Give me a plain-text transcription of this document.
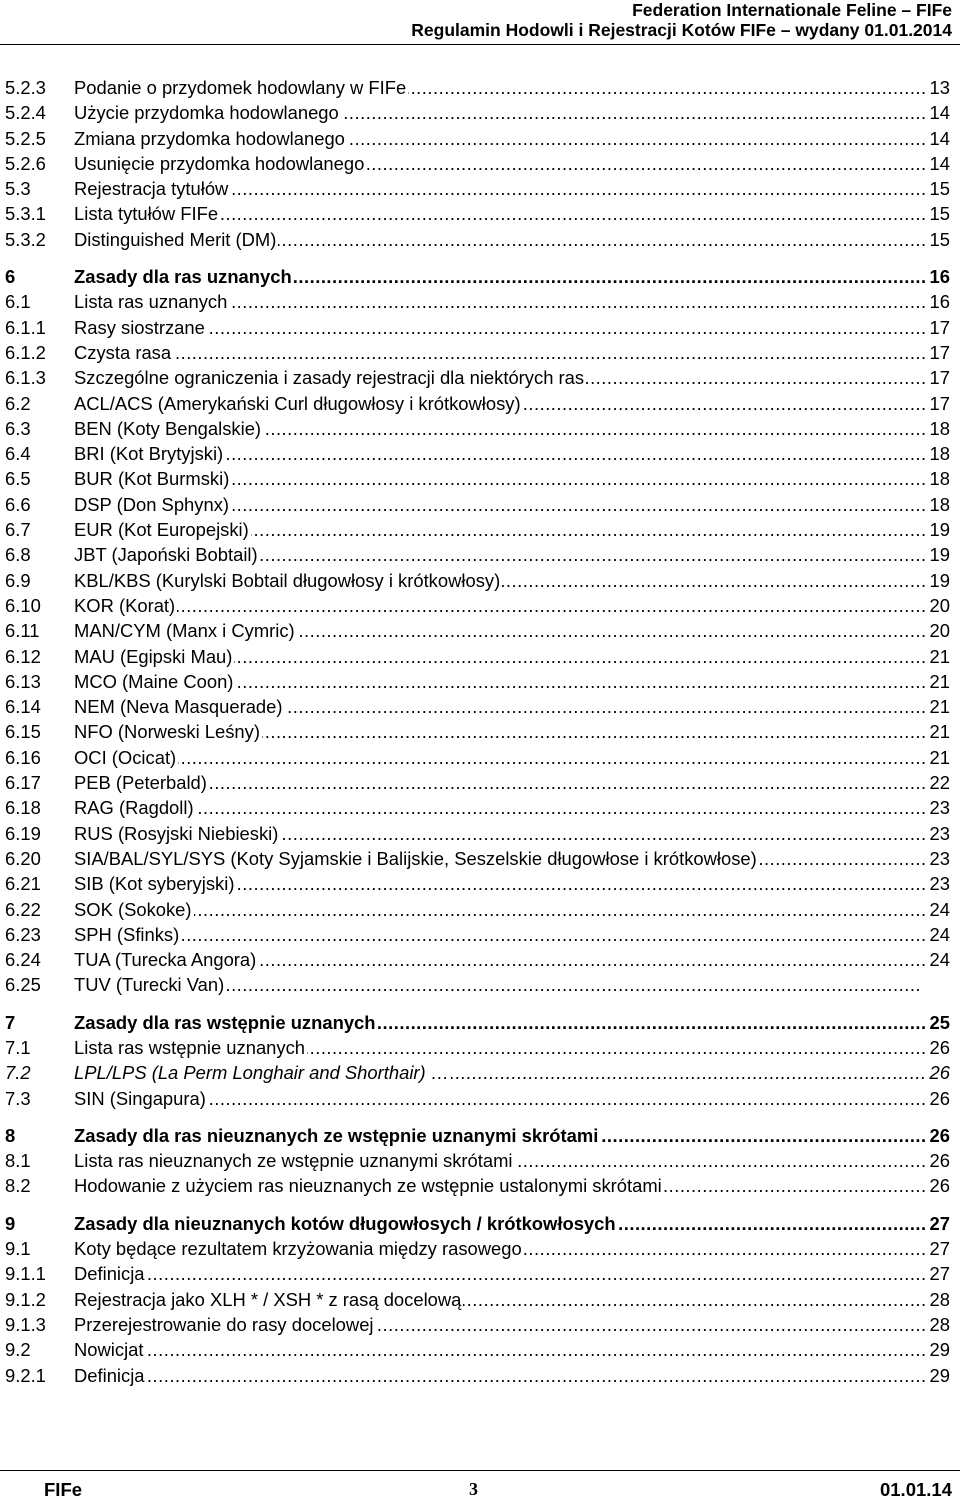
Federation Internationale Feline – FIFe
Regulamin Hodowli i Rejestracji Kotów FIFe – wydany 01.01.2014
5.2.3 ..... Podanie o przydomek hodowlany w FIFe	13
5.2.4 ..... Użycie przydomka hodowlanego	14
5.2.5 ..... Zmiana przydomka hodowlanego	14
5.2.6 ..... Usunięcie przydomka hodowlanego	14
5.3 ..... Rejestracja tytułów	15
5.3.1 ..... Lista tytułów FIFe	15
5.3.2 ..... Distinguished Merit (DM)	15
6 .....	Zasady dla ras uznanych	16
6.1 ..... Lista ras uznanych	16
6.1.1 ..... Rasy siostrzane	17
6.1.2 ..... Czysta rasa	17
6.1.3 ..... Szczególne ograniczenia i zasady rejestracji dla niektórych ras	17
6.2 ..... ACL/ACS (Amerykański Curl długowłosy i krótkowłosy)	17
6.3 ..... BEN (Koty Bengalskie)	18
6.4 ..... BRI (Kot Brytyjski)	18
6.5 ..... BUR (Kot Burmski)	18
6.6 ..... DSP (Don Sphynx)	18
6.7 ..... EUR (Kot Europejski)	19
6.8 ..... JBT (Japoński Bobtail)	19
6.9 ..... KBL/KBS (Kurylski Bobtail długowłosy i krótkowłosy)	19
6.10 ..... KOR (Korat)	20
6.11 ..... MAN/CYM (Manx i Cymric)	20
6.12 ..... MAU (Egipski Mau)	21
6.13 ..... MCO (Maine Coon)	21
6.14 ..... NEM (Neva Masquerade)	21
6.15 ..... NFO (Norweski Leśny)	21
6.16 ..... OCI (Ocicat)	21
6.17 ..... PEB (Peterbald)	22
6.18 ..... RAG (Ragdoll)	23
6.19 ..... RUS (Rosyjski Niebieski)	23
6.20 ..... SIA/BAL/SYL/SYS (Koty Syjamskie i Balijskie, Seszelskie długowłose i krótkowłose)	23
6.21 ..... SIB (Kot syberyjski)	23
6.22 ..... SOK (Sokoke)	24
6.23 ..... SPH (Sfinks)	24
6.24 ..... TUA (Turecka Angora)	24
6.25 ..... TUV (Turecki Van)
7 .....	Zasady dla ras wstępnie uznanych	25
7.1 ..... Lista ras wstępnie uznanych	26
7.2 ..... LPL/LPS (La Perm Longhair and Shorthair) …	26
7.3 ..... SIN (Singapura)	26
8 .....	Zasady dla ras nieuznanych ze wstępnie uznanymi skrótami	26
8.1 ..... Lista ras nieuznanych ze wstępnie uznanymi skrótami	26
8.2 ..... Hodowanie z użyciem ras nieuznanych ze wstępnie ustalonymi skrótami	26
9 .....	Zasady dla nieuznanych kotów długowłosych / krótkowłosych	27
9.1 ..... Koty będące rezultatem krzyżowania między rasowego	27
9.1.1 ..... Definicja	27
9.1.2 ..... Rejestracja jako XLH * / XSH * z rasą docelową	28
9.1.3 ..... Przerejestrowanie do rasy docelowej	28
9.2 ..... Nowicjat	29
9.2.1 ..... Definicja	29
FIFe	3	01.01.14
